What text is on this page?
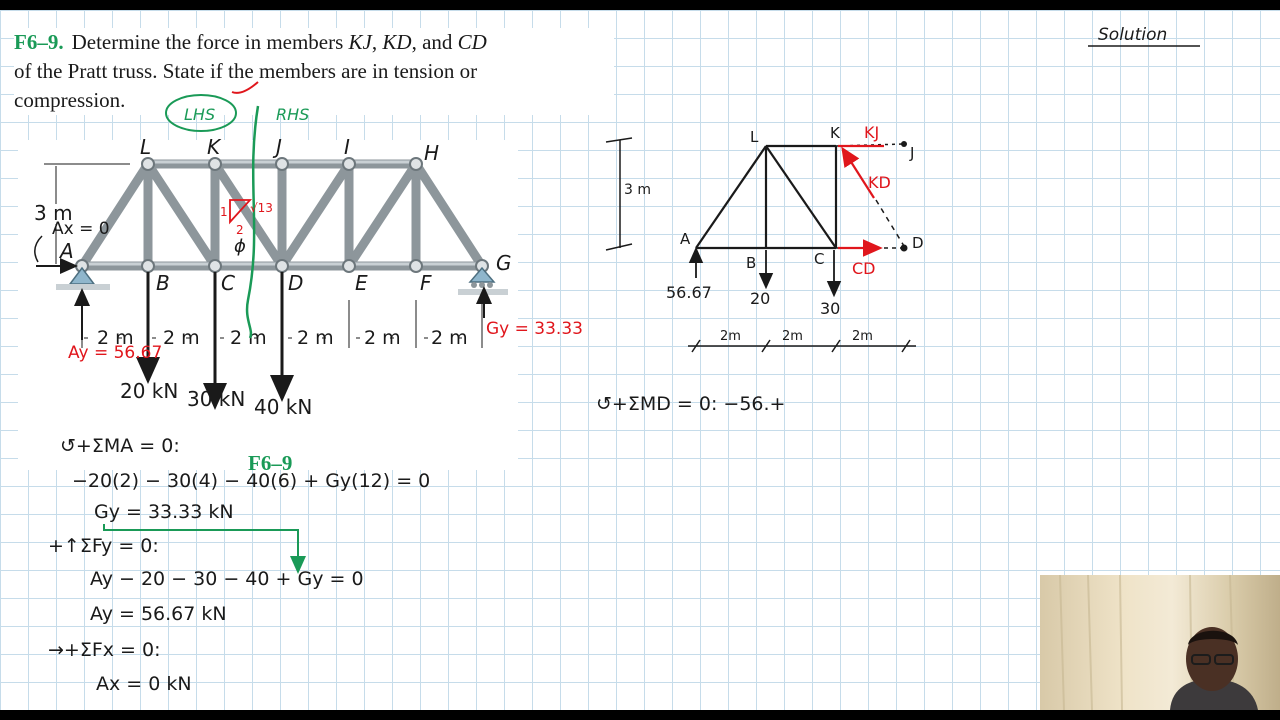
F6–9. Determine the force in members KJ, KD, and CD
of the Pratt truss. State if the members are in tension or
compression.
L	K	J	I	H
A
B	C	D	E	F
G
3 m
ϕ
2 m 2 m 2 m 2 m 2 m 2 m
20 kN 30 kN 40 kN
F6–9
LHS	RHS
1
2
√13
Ax = 0
Ay = 56.67
Gy = 33.33
↺+ΣMA = 0:
−20(2) − 30(4) − 40(6) + Gy(12) = 0
Gy = 33.33 kN
+↑ΣFy = 0:
Ay − 20 − 30 − 40 + Gy = 0
Ay = 56.67 kN
→+ΣFx = 0:
Ax = 0 kN
Solution
3 m
L	K
J
A
B	C
D
56.67 20
30
KJ
KD
CD
2m	2m	2m
↺+ΣMD = 0: −56.+
